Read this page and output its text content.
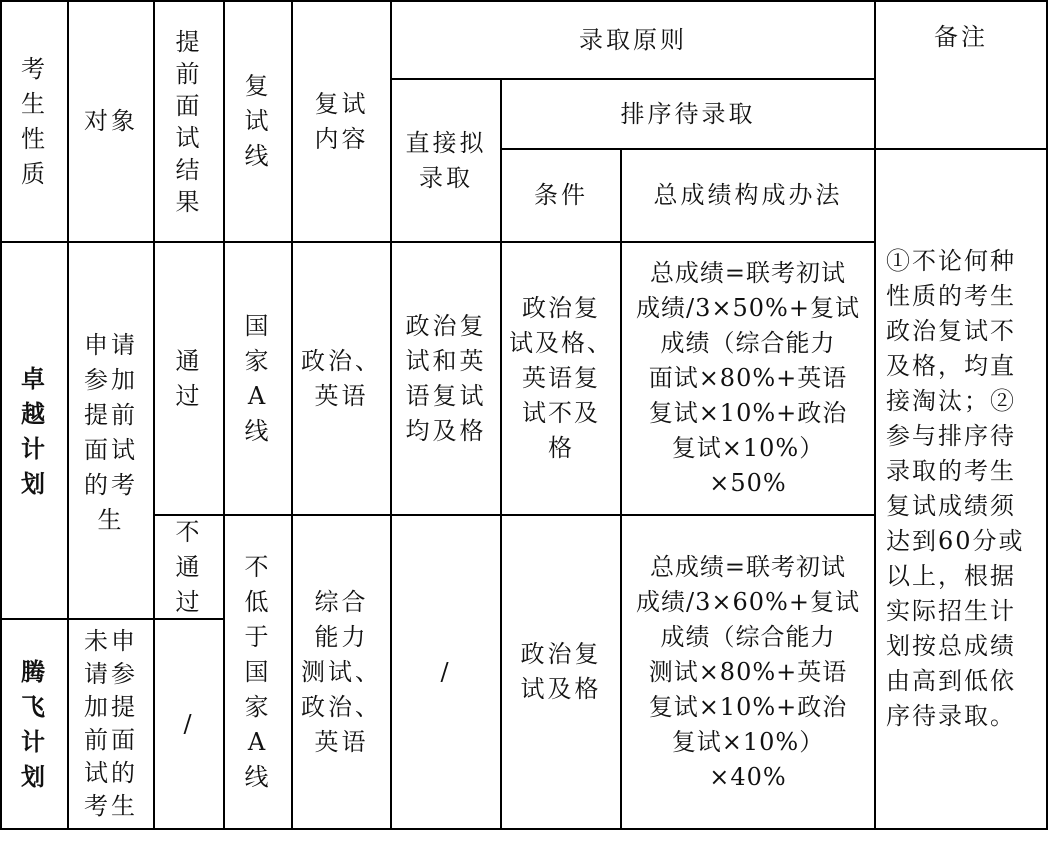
考
生
性
质
对象
提
前
面
试
结
果
复
试
线
复试
内容
录取原则	备注
直接拟
录取
排序待录取
条件	总成绩构成办法
①不论何种
性质的考生
政治复试不
及格，均直
接淘汰；②
参与排序待
录取的考生
复试成绩须
达到60分或
以上，根据
实际招生计
划按总成绩
由高到低依
序待录取。
卓
越
计
划
申请
参加
提前
面试
的考
生
通
过
不
通
过
国
家
A
线
政治、
英语
政治复
试和英
语复试
均及格
政治复
试及格、
英语复
试不及
格
总成绩=联考初试
成绩/3×50%+复试
成绩（综合能力
面试×80%+英语
复试×10%+政治
复试×10%）
×50%
不
低
于
国
家
A
线
综合
能力
测试、
政治、
英语
/
政治复
试及格
总成绩=联考初试
成绩/3×60%+复试
成绩（综合能力
测试×80%+英语
复试×10%+政治
复试×10%）
×40%
腾
飞
计
划
未申
请参
加提
前面
试的
考生
/
